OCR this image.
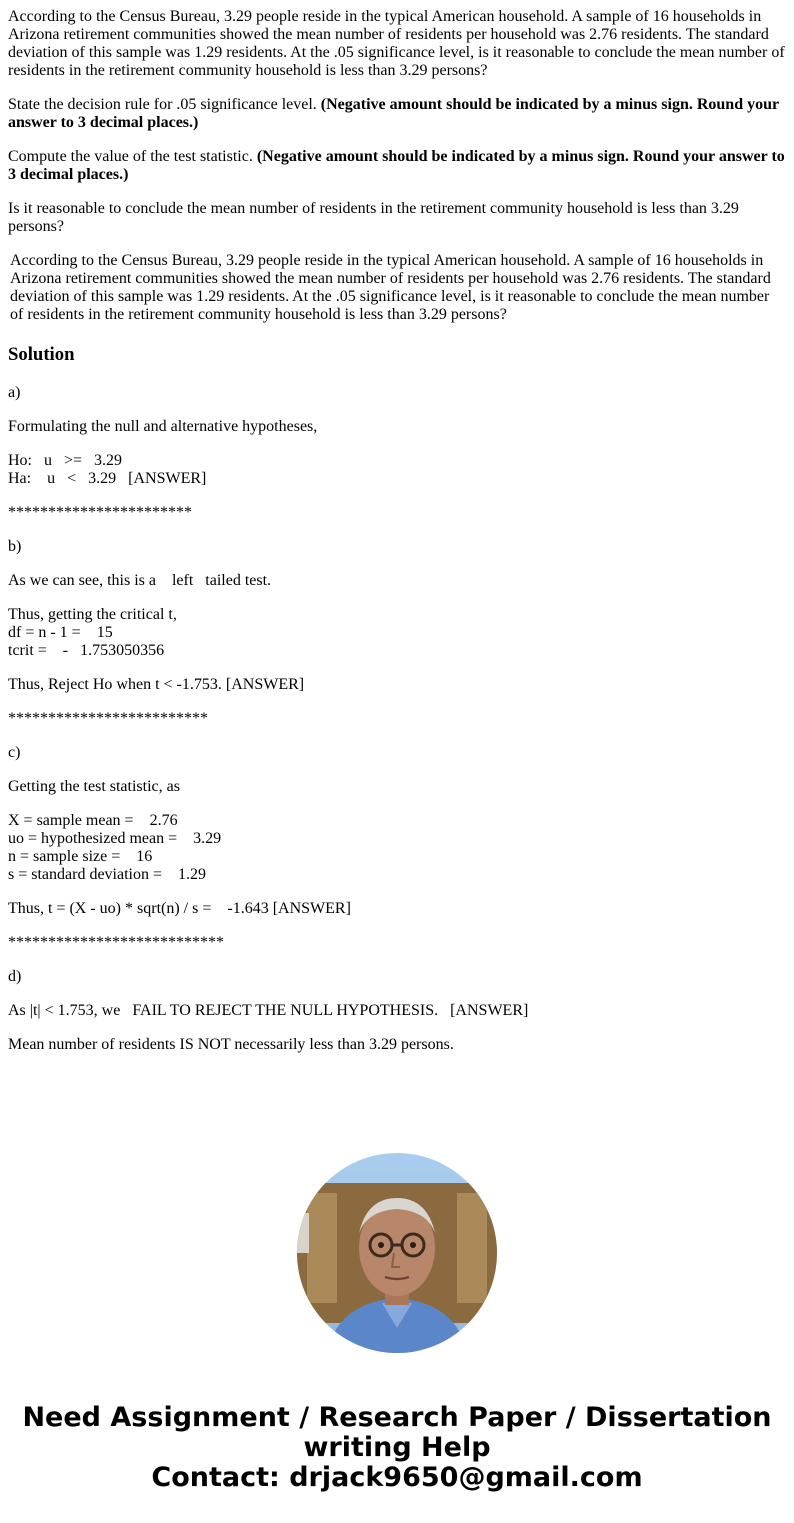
According to the Census Bureau, 3.29 people reside in the typical American household. A sample of 16 households in Arizona retirement communities showed the mean number of residents per household was 2.76 residents. The standard deviation of this sample was 1.29 residents. At the .05 significance level, is it reasonable to conclude the mean number of residents in the retirement community household is less than 3.29 persons?

State the decision rule for .05 significance level. (Negative amount should be indicated by a minus sign. Round your answer to 3 decimal places.)

Compute the value of the test statistic. (Negative amount should be indicated by a minus sign. Round your answer to 3 decimal places.)

Is it reasonable to conclude the mean number of residents in the retirement community household is less than 3.29 persons?

According to the Census Bureau, 3.29 people reside in the typical American household. A sample of 16 households in Arizona retirement communities showed the mean number of residents per household was 2.76 residents. The standard deviation of this sample was 1.29 residents. At the .05 significance level, is it reasonable to conclude the mean number of residents in the retirement community household is less than 3.29 persons?
Solution

a)

Formulating the null and alternative hypotheses,

Ho:   u   >=   3.29
Ha:    u   <   3.29   [ANSWER]

***********************

b)

As we can see, this is a    left   tailed test.

Thus, getting the critical t,
df = n - 1 =    15
tcrit =    -   1.753050356

Thus, Reject Ho when t < -1.753. [ANSWER]

*************************

c)

Getting the test statistic, as

X = sample mean =    2.76
uo = hypothesized mean =    3.29
n = sample size =    16
s = standard deviation =    1.29

Thus, t = (X - uo) * sqrt(n) / s =    -1.643 [ANSWER]

***************************

d)

As |t| < 1.753, we   FAIL TO REJECT THE NULL HYPOTHESIS.   [ANSWER]

Mean number of residents IS NOT necessarily less than 3.29 persons.

Need Assignment / Research Paper / Dissertation
writing Help
Contact: drjack9650@gmail.com
